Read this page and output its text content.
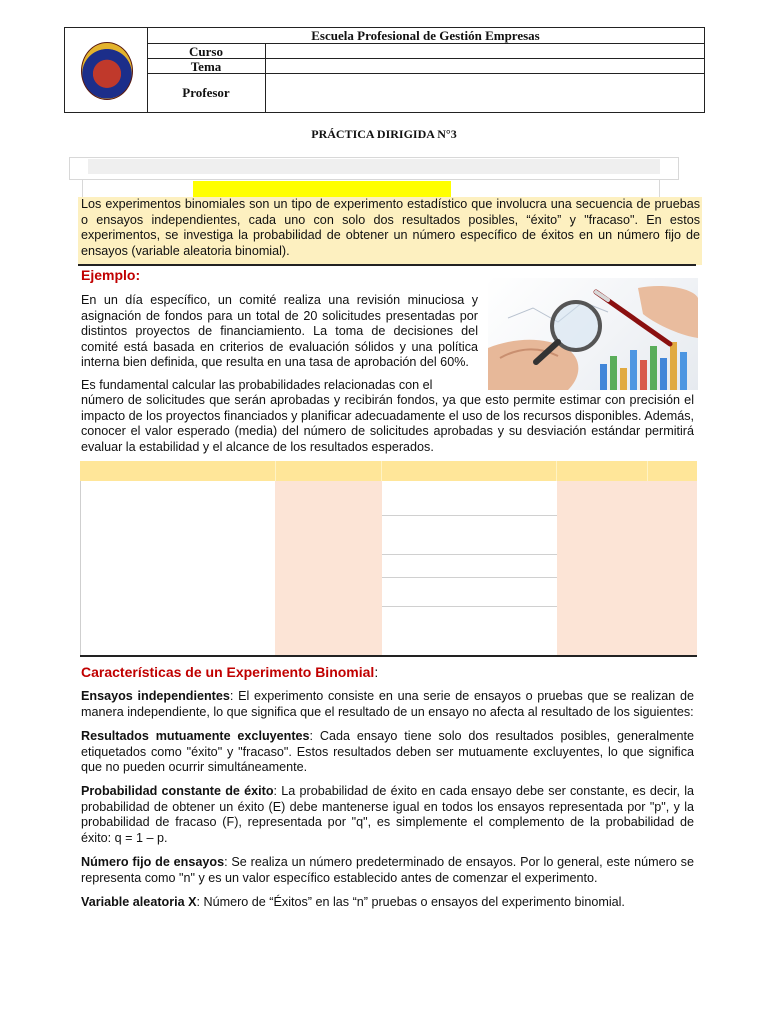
Escuela Profesional de Gestión Empresas
Curso
Tema
Profesor
PRÁCTICA DIRIGIDA N°3

Los experimentos binomiales son un tipo de experimento estadístico que involucra una secuencia de pruebas o ensayos independientes, cada uno con solo dos resultados posibles, “éxito” y "fracaso". En estos experimentos, se investiga la probabilidad de obtener un número específico de éxitos en un número fijo de ensayos (variable aleatoria binomial).

Ejemplo:

En un día específico, un comité realiza una revisión minuciosa y asignación de fondos para un total de 20 solicitudes presentadas por distintos proyectos de financiamiento. La toma de decisiones del comité está basada en criterios de evaluación sólidos y una política interna bien definida, que resulta en una tasa de aprobación del 60%.

Es fundamental calcular las probabilidades relacionadas con el

número de solicitudes que serán aprobadas y recibirán fondos, ya que esto permite estimar con precisión el impacto de los proyectos financiados y planificar adecuadamente el uso de los recursos disponibles. Además, conocer el valor esperado (media) del número de solicitudes aprobadas y su desviación estándar permitirá evaluar la estabilidad y el alcance de los resultados esperados.

Características de un Experimento Binomial:

Ensayos independientes: El experimento consiste en una serie de ensayos o pruebas que se realizan de manera independiente, lo que significa que el resultado de un ensayo no afecta al resultado de los siguientes:

Resultados mutuamente excluyentes: Cada ensayo tiene solo dos resultados posibles, generalmente etiquetados como "éxito" y "fracaso". Estos resultados deben ser mutuamente excluyentes, lo que significa que no pueden ocurrir simultáneamente.

Probabilidad constante de éxito: La probabilidad de éxito en cada ensayo debe ser constante, es decir, la probabilidad de obtener un éxito (E) debe mantenerse igual en todos los ensayos representada por "p", y la probabilidad de fracaso (F), representada por "q", es simplemente el complemento de la probabilidad de éxito: q = 1 – p.

Número fijo de ensayos: Se realiza un número predeterminado de ensayos. Por lo general, este número se representa como "n" y es un valor específico establecido antes de comenzar el experimento.

Variable aleatoria X: Número de “Éxitos” en las “n” pruebas o ensayos del experimento binomial.
